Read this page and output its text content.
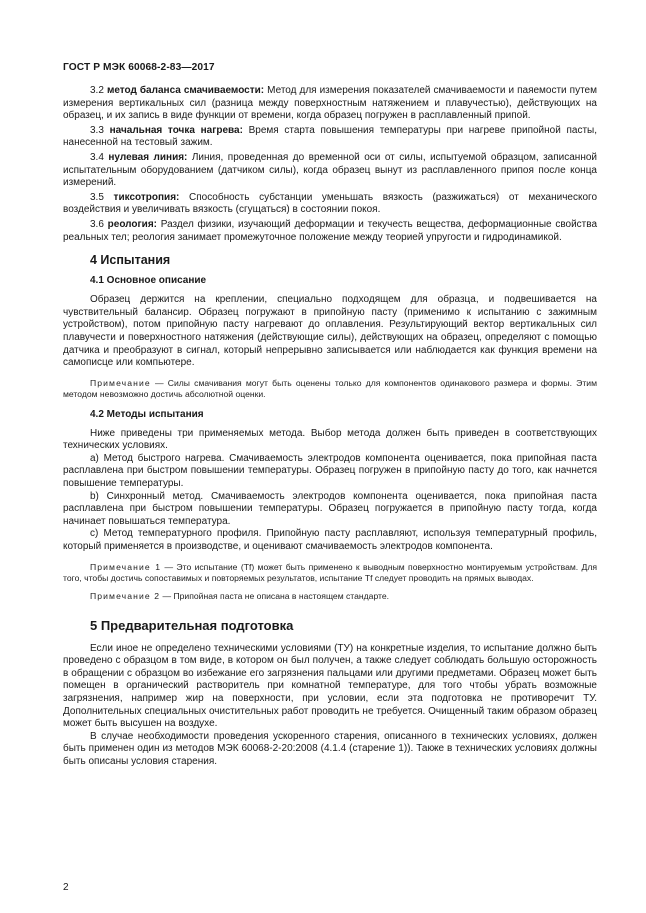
ГОСТ Р МЭК 60068-2-83—2017

3.2 метод баланса смачиваемости: Метод для измерения показателей смачиваемости и паяемости путем измерения вертикальных сил (разница между поверхностным натяжением и плавучестью), действующих на образец, и их запись в виде функции от времени, когда образец погружен в расплавленный припой.

3.3 начальная точка нагрева: Время старта повышения температуры при нагреве припойной пасты, нанесенной на тестовый зажим.

3.4 нулевая линия: Линия, проведенная до временной оси от силы, испытуемой образцом, записанной испытательным оборудованием (датчиком силы), когда образец вынут из расплавленного припоя после конца измерений.

3.5 тиксотропия: Способность субстанции уменьшать вязкость (разжижаться) от механического воздействия и увеличивать вязкость (сгущаться) в состоянии покоя.

3.6 реология: Раздел физики, изучающий деформации и текучесть вещества, деформационные свойства реальных тел; реология занимает промежуточное положение между теорией упругости и гидродинамикой.

4 Испытания
4.1 Основное описание

Образец держится на креплении, специально подходящем для образца, и подвешивается на чувствительный балансир. Образец погружают в припойную пасту (применимо к испытанию с зажимным устройством), потом припойную пасту нагревают до оплавления. Результирующий вектор вертикальных сил плавучести и поверхностного натяжения (действующие силы), действующих на образец, определяют с помощью датчика и преобразуют в сигнал, который непрерывно записывается или наблюдается как функция времени на самописце или компьютере.

Примечание — Силы смачивания могут быть оценены только для компонентов одинакового размера и формы. Этим методом невозможно достичь абсолютной оценки.

4.2 Методы испытания

Ниже приведены три применяемых метода. Выбор метода должен быть приведен в соответствующих технических условиях.

а) Метод быстрого нагрева. Смачиваемость электродов компонента оценивается, пока припойная паста расплавлена при быстром повышении температуры. Образец погружен в припойную пасту до того, как начнется повышение температуры.

b) Синхронный метод. Смачиваемость электродов компонента оценивается, пока припойная паста расплавлена при быстром повышении температуры. Образец погружается в припойную пасту тогда, когда начинает повышаться температура.

c) Метод температурного профиля. Припойную пасту расплавляют, используя температурный профиль, который применяется в производстве, и оценивают смачиваемость электродов компонента.

Примечание 1 — Это испытание (Tf) может быть применено к выводным поверхностно монтируемым устройствам. Для того, чтобы достичь сопоставимых и повторяемых результатов, испытание Tf следует проводить на прямых выводах.

Примечание 2 — Припойная паста не описана в настоящем стандарте.

5 Предварительная подготовка

Если иное не определено техническими условиями (ТУ) на конкретные изделия, то испытание должно быть проведено с образцом в том виде, в котором он был получен, а также следует соблюдать большую осторожность в обращении с образцом во избежание его загрязнения пальцами или другими предметами. Образец может быть помещен в органический растворитель при комнатной температуре, для того чтобы убрать возможные загрязнения, например жир на поверхности, при условии, если эта подготовка не противоречит ТУ. Дополнительных специальных очистительных работ проводить не требуется. Очищенный таким образом образец может быть высушен на воздухе.

В случае необходимости проведения ускоренного старения, описанного в технических условиях, должен быть применен один из методов МЭК 60068-2-20:2008 (4.1.4 (старение 1)). Также в технических условиях должны быть описаны условия старения.

2
